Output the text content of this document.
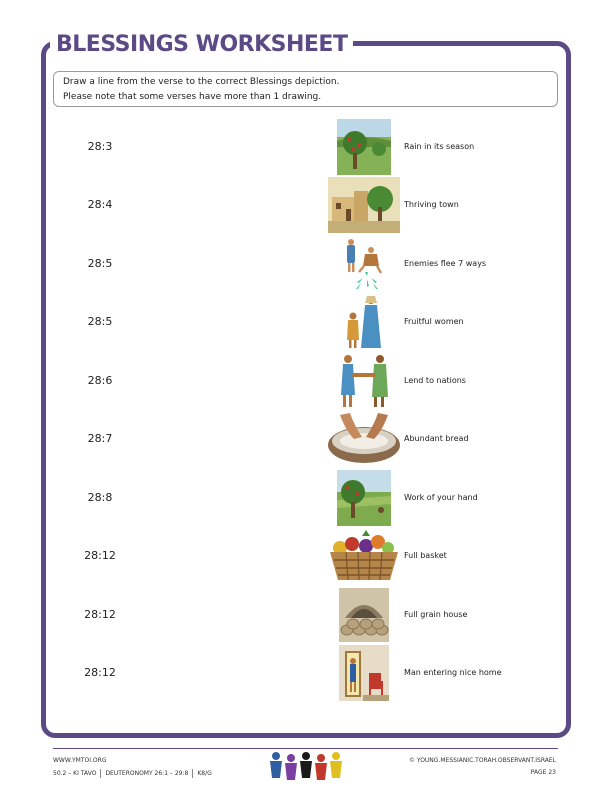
BLESSINGS WORKSHEET
Draw a line from the verse to the correct Blessings depiction.
Please note that some verses have more than 1 drawing.
28:3	Rain in its season
28:4	Thriving town
28:5	Enemies flee 7 ways
28:5	Fruitful women
28:6	Lend to nations
28:7	Abundant bread
28:8	Work of your hand
28:12	Full basket
28:12	Full grain house
28:12	Man entering nice home
WWW.YMTOI.ORG
50.2 – KI TAVO DEUTERONOMY 26:1 – 29:8 K8/G
© YOUNG.MESSIANIC.TORAH.OBSERVANT.ISRAEL
PAGE 23
